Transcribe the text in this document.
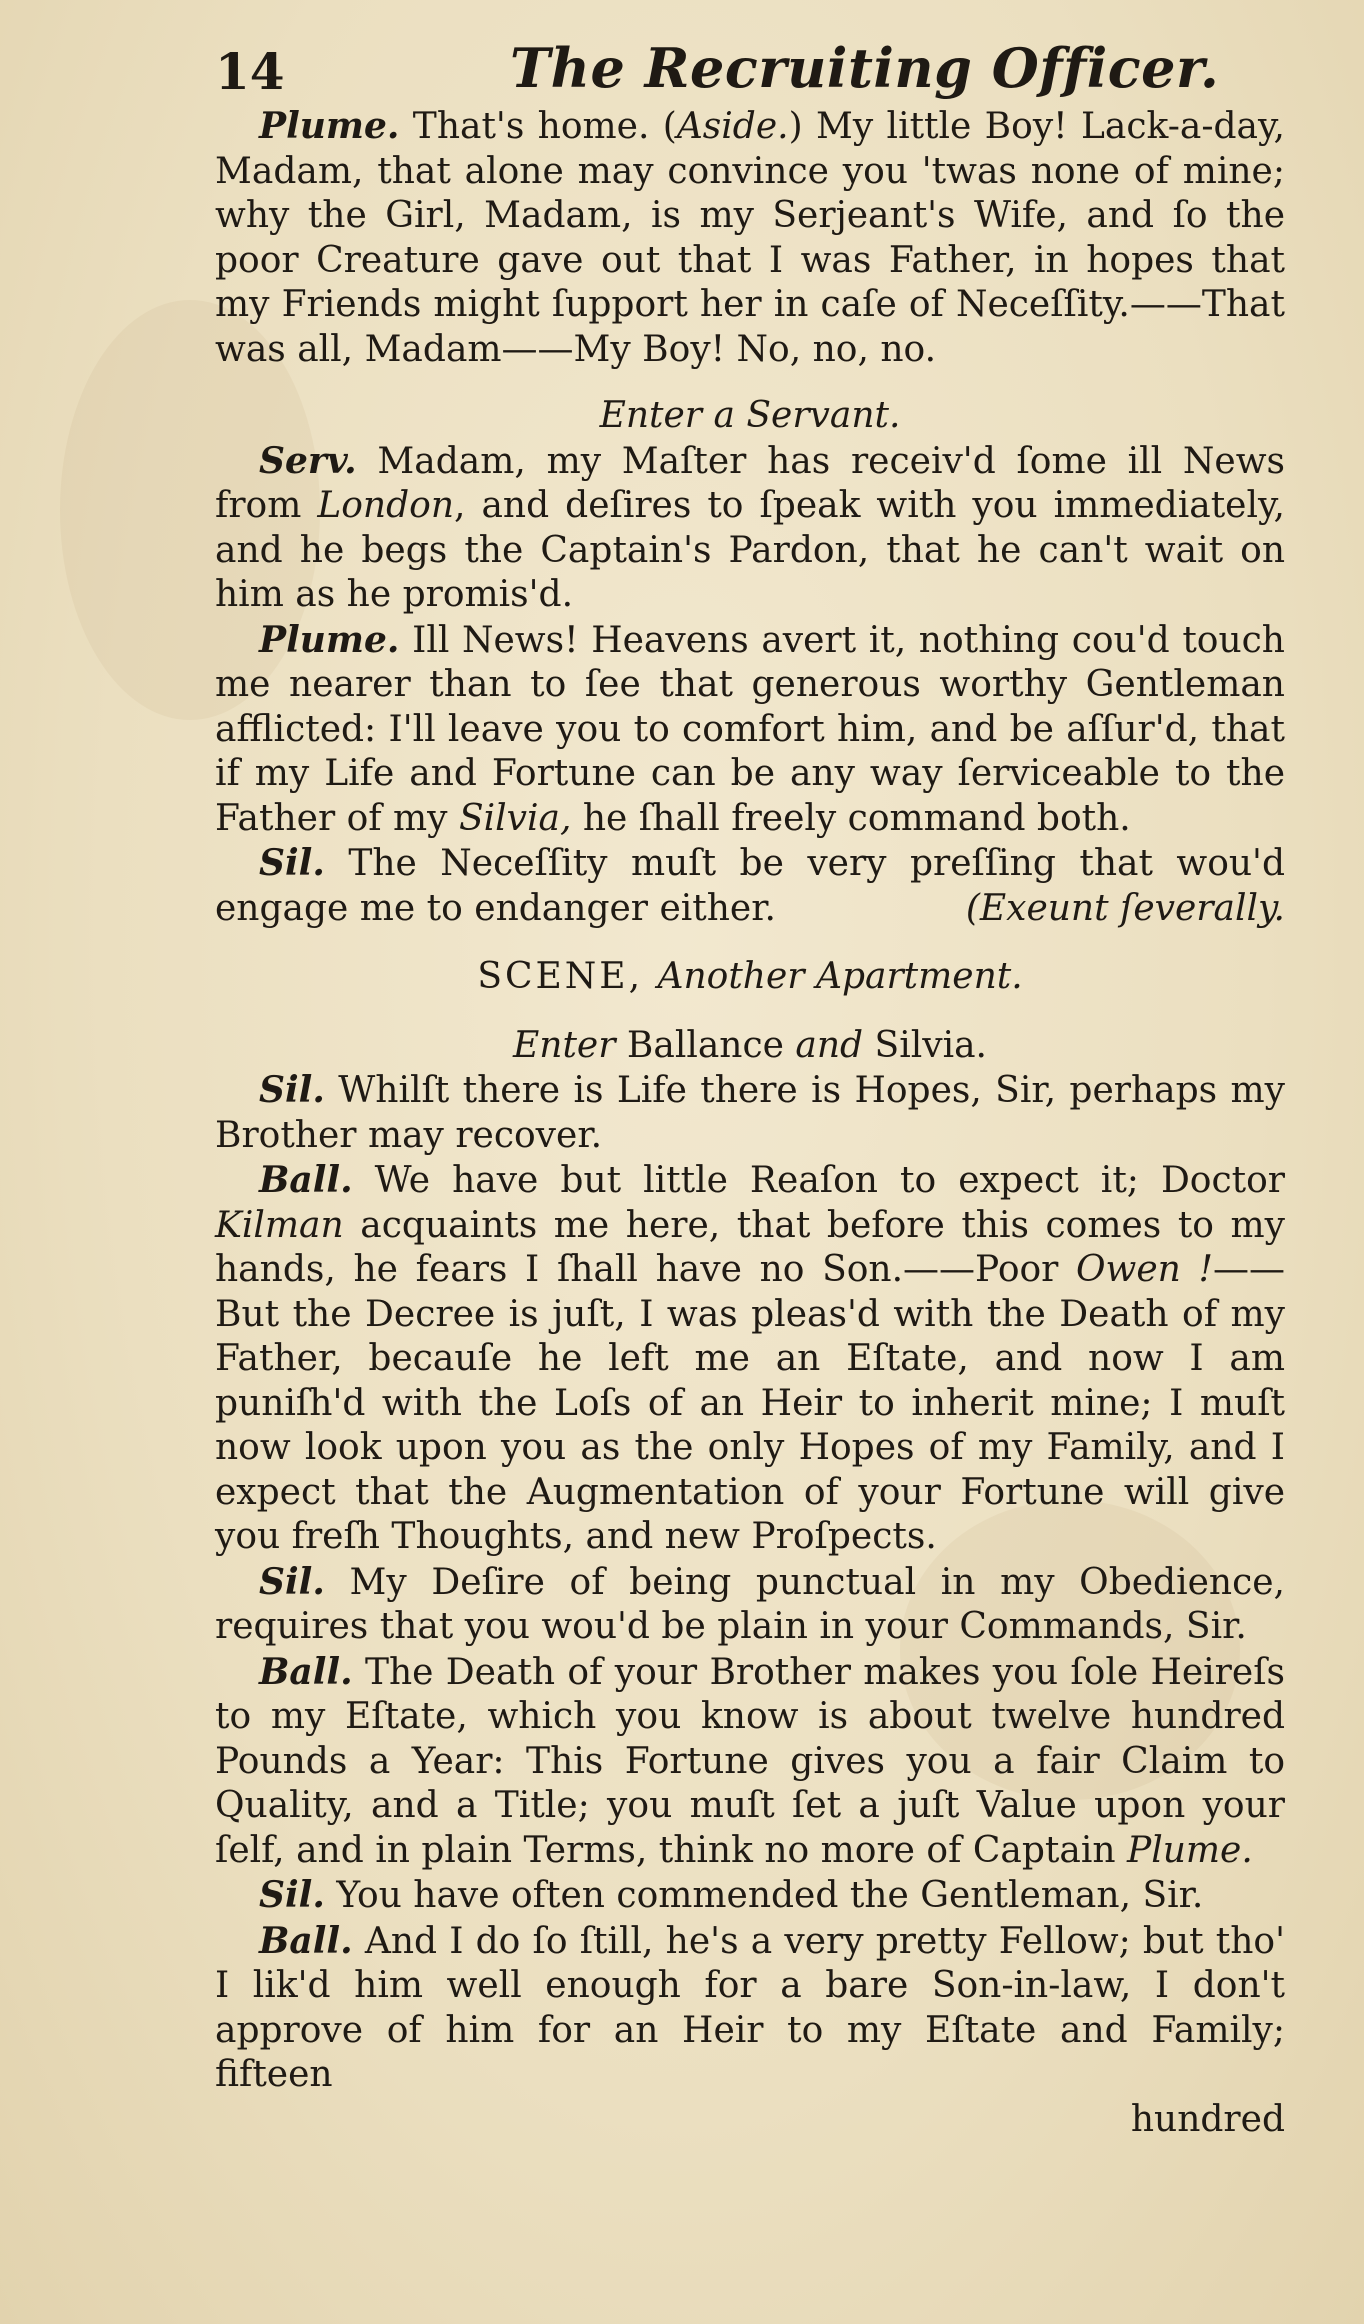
14	The Recruiting Officer.

Plume. That's home. (Aside.) My little Boy! Lack-a-day, Madam, that alone may convince you 'twas none of mine; why the Girl, Madam, is my Serjeant's Wife, and ſo the poor Creature gave out that I was Father, in hopes that my Friends might ſupport her in caſe of Neceſſity.——That was all, Madam——My Boy! No, no, no.

Enter a Servant.

Serv. Madam, my Maſter has receiv'd ſome ill News from London, and deſires to ſpeak with you immediately, and he begs the Captain's Pardon, that he can't wait on him as he promis'd.

Plume. Ill News! Heavens avert it, nothing cou'd touch me nearer than to ſee that generous worthy Gentleman afflicted: I'll leave you to comfort him, and be aſſur'd, that if my Life and Fortune can be any way ſerviceable to the Father of my Silvia, he ſhall freely command both.

Sil. The Neceſſity muſt be very preſſing that wou'd engage me to endanger either.	(Exeunt ſeverally.

SCENE, Another Apartment.

Enter Ballance and Silvia.

Sil. Whilſt there is Life there is Hopes, Sir, perhaps my Brother may recover.

Ball. We have but little Reaſon to expect it; Doctor Kilman acquaints me here, that before this comes to my hands, he fears I ſhall have no Son.——Poor Owen !——But the Decree is juſt, I was pleas'd with the Death of my Father, becauſe he left me an Eſtate, and now I am puniſh'd with the Loſs of an Heir to inherit mine; I muſt now look upon you as the only Hopes of my Family, and I expect that the Augmentation of your Fortune will give you freſh Thoughts, and new Proſpects.

Sil. My Deſire of being punctual in my Obedience, requires that you wou'd be plain in your Commands, Sir.

Ball. The Death of your Brother makes you ſole Heireſs to my Eſtate, which you know is about twelve hundred Pounds a Year: This Fortune gives you a fair Claim to Quality, and a Title; you muſt ſet a juſt Value upon your ſelf, and in plain Terms, think no more of Captain Plume.

Sil. You have often commended the Gentleman, Sir.

Ball. And I do ſo ſtill, he's a very pretty Fellow; but tho' I lik'd him well enough for a bare Son-in-law, I don't approve of him for an Heir to my Eſtate and Family; fifteen

hundred
